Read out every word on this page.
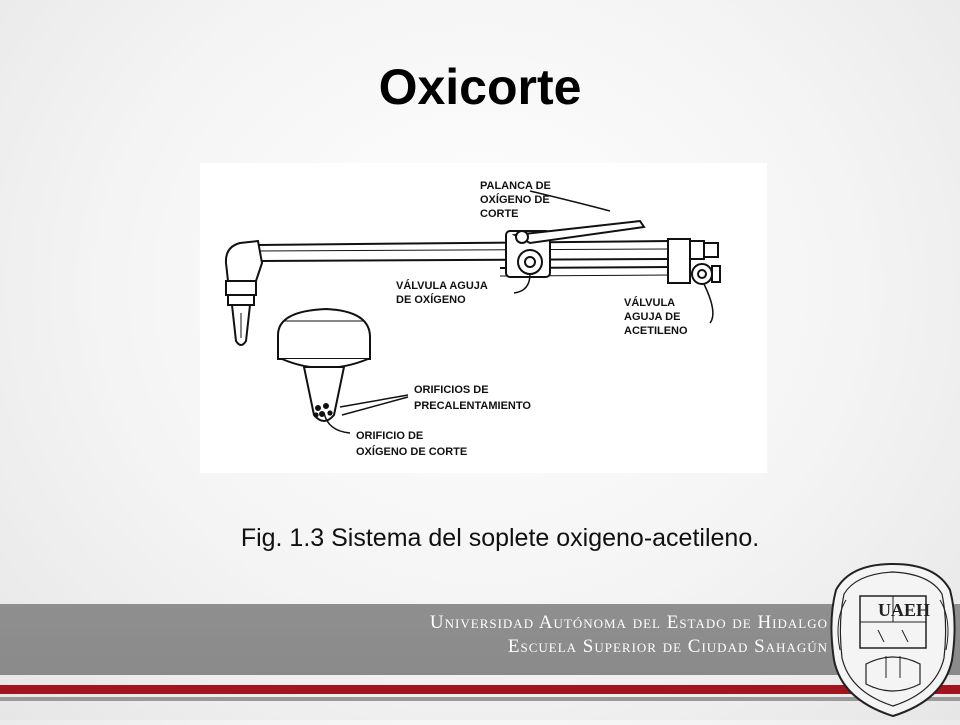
Oxicorte
PALANCA DE
OXÍGENO DE
CORTE
VÁLVULA AGUJA
DE OXÍGENO	VÁLVULA
AGUJA DE
ACETILENO
ORIFICIOS DE
PRECALENTAMIENTO
ORIFICIO DE
OXÍGENO DE CORTE
Fig. 1.3 Sistema del soplete oxigeno-acetileno.
Universidad Autónoma del Estado de Hidalgo
Escuela Superior de Ciudad Sahagún
UAEH
